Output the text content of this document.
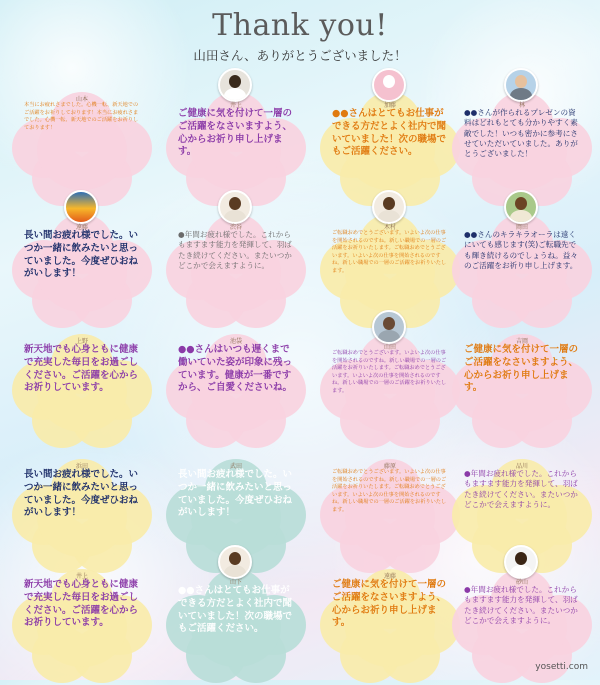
Thank you!
山田さん、ありがとうございました！
山本
本当にお疲れさまでした。心機一転、新天地でのご活躍をお祈りしております！本当にお疲れさまでした。心機一転、新天地でのご活躍をお祈りしております！
井上
ご健康に気を付けて一層のご活躍をなさいますよう、心からお祈り申し上げます。
加藤
●●さんはとてもお仕事ができる方だとよく社内で聞いていました！次の職場でもご活躍ください。
林
●●さんが作られるプレゼンの資料はどれもとても分かりやすく素敵でした！いつも密かに参考にさせていただいていました。ありがとうございました！
遠藤
長い間お疲れ様でした。いつか一緒に飲みたいと思っていました。今度ぜひおねがいします！
渋谷
●年間お疲れ様でした。これからもますます能力を発揮して、羽ばたき続けてください。またいつかどこかで会えますように。
木村
ご転職おめでとうございます。いよいよ次の仕事を開始されるのですね。新しい職場での一層のご活躍をお祈りいたします。ご転職おめでとうございます。いよいよ次の仕事を開始されるのですね。新しい職場での一層のご活躍をお祈りいたします。
岡田
●●さんのキラキラオーラは遠くにいても感じます(笑)ご転職先でも輝き続けるのでしょうね。益々のご活躍をお祈り申し上げます。
上野
新天地でも心身ともに健康で充実した毎日をお過ごしください。ご活躍を心からお祈りしています。
池袋
●●さんはいつも遅くまで働いていた姿が印象に残っています。健康が一番ですから、ご自愛くださいね。
山田
ご転職おめでとうございます。いよいよ次の仕事を開始されるのですね。新しい職場での一層のご活躍をお祈りいたします。ご転職おめでとうございます。いよいよ次の仕事を開始されるのですね。新しい職場での一層のご活躍をお祈りいたします。
吉岡
ご健康に気を付けて一層のご活躍をなさいますよう、心からお祈り申し上げます。
浜田
長い間お疲れ様でした。いつか一緒に飲みたいと思っていました。今度ぜひおねがいします！
武田
長い間お疲れ様でした。いつか一緒に飲みたいと思っていました。今度ぜひおねがいします！
藤原
ご転職おめでとうございます。いよいよ次の仕事を開始されるのですね。新しい職場での一層のご活躍をお祈りいたします。ご転職おめでとうございます。いよいよ次の仕事を開始されるのですね。新しい職場での一層のご活躍をお祈りいたします。
品川
●年間お疲れ様でした。これからもますます能力を発揮して、羽ばたき続けてください。またいつかどこかで会えますように。
井上
新天地でも心身ともに健康で充実した毎日をお過ごしください。ご活躍を心からお祈りしています。
山下
●●さんはとてもお仕事ができる方だとよく社内で聞いていました！次の職場でもご活躍ください。
遠藤
ご健康に気を付けて一層のご活躍をなさいますよう、心からお祈り申し上げます。
砂山
●年間お疲れ様でした。これからもますます能力を発揮して、羽ばたき続けてください。またいつかどこかで会えますように。
yosetti.com
